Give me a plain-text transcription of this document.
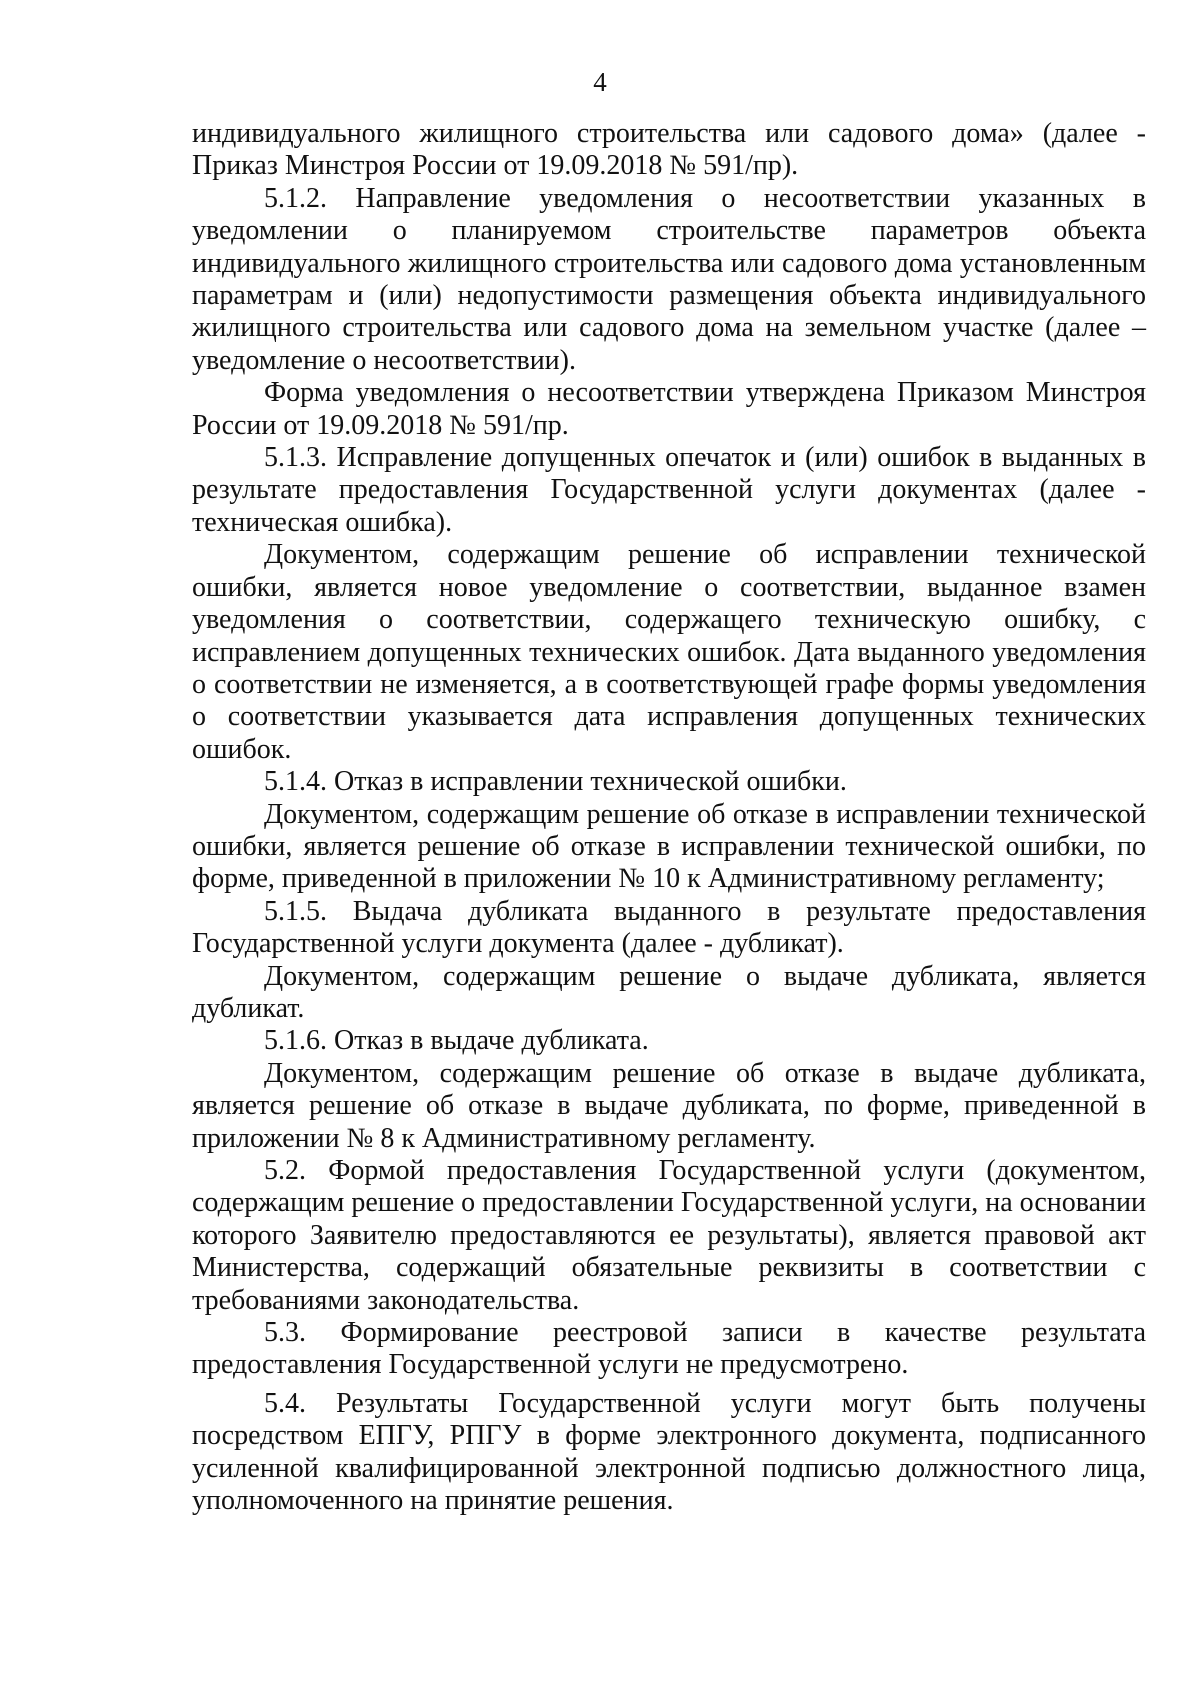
4

индивидуального жилищного строительства или садового дома» (далее - Приказ Минстроя России от 19.09.2018 № 591/пр).

5.1.2. Направление уведомления о несоответствии указанных в уведомлении о планируемом строительстве параметров объекта индивидуального жилищного строительства или садового дома установленным параметрам и (или) недопустимости размещения объекта индивидуального жилищного строительства или садового дома на земельном участке (далее – уведомление о несоответствии).

Форма уведомления о несоответствии утверждена Приказом Минстроя России от 19.09.2018 № 591/пр.

5.1.3. Исправление допущенных опечаток и (или) ошибок в выданных в результате предоставления Государственной услуги документах (далее - техническая ошибка).

Документом, содержащим решение об исправлении технической ошибки, является новое уведомление о соответствии, выданное взамен уведомления о соответствии, содержащего техническую ошибку, с исправлением допущенных технических ошибок. Дата выданного уведомления о соответствии не изменяется, а в соответствующей графе формы уведомления о соответствии указывается дата исправления допущенных технических ошибок.

5.1.4. Отказ в исправлении технической ошибки.

Документом, содержащим решение об отказе в исправлении технической ошибки, является решение об отказе в исправлении технической ошибки, по форме, приведенной в приложении № 10 к Административному регламенту;

5.1.5. Выдача дубликата выданного в результате предоставления Государственной услуги документа (далее - дубликат).

Документом, содержащим решение о выдаче дубликата, является дубликат.

5.1.6. Отказ в выдаче дубликата.

Документом, содержащим решение об отказе в выдаче дубликата, является решение об отказе в выдаче дубликата, по форме, приведенной в приложении № 8 к Административному регламенту.

5.2. Формой предоставления Государственной услуги (документом, содержащим решение о предоставлении Государственной услуги, на основании которого Заявителю предоставляются ее результаты), является правовой акт Министерства, содержащий обязательные реквизиты в соответствии с требованиями законодательства.

5.3. Формирование реестровой записи в качестве результата предоставления Государственной услуги не предусмотрено.

5.4. Результаты Государственной услуги могут быть получены посредством ЕПГУ, РПГУ в форме электронного документа, подписанного усиленной квалифицированной электронной подписью должностного лица, уполномоченного на принятие решения.
